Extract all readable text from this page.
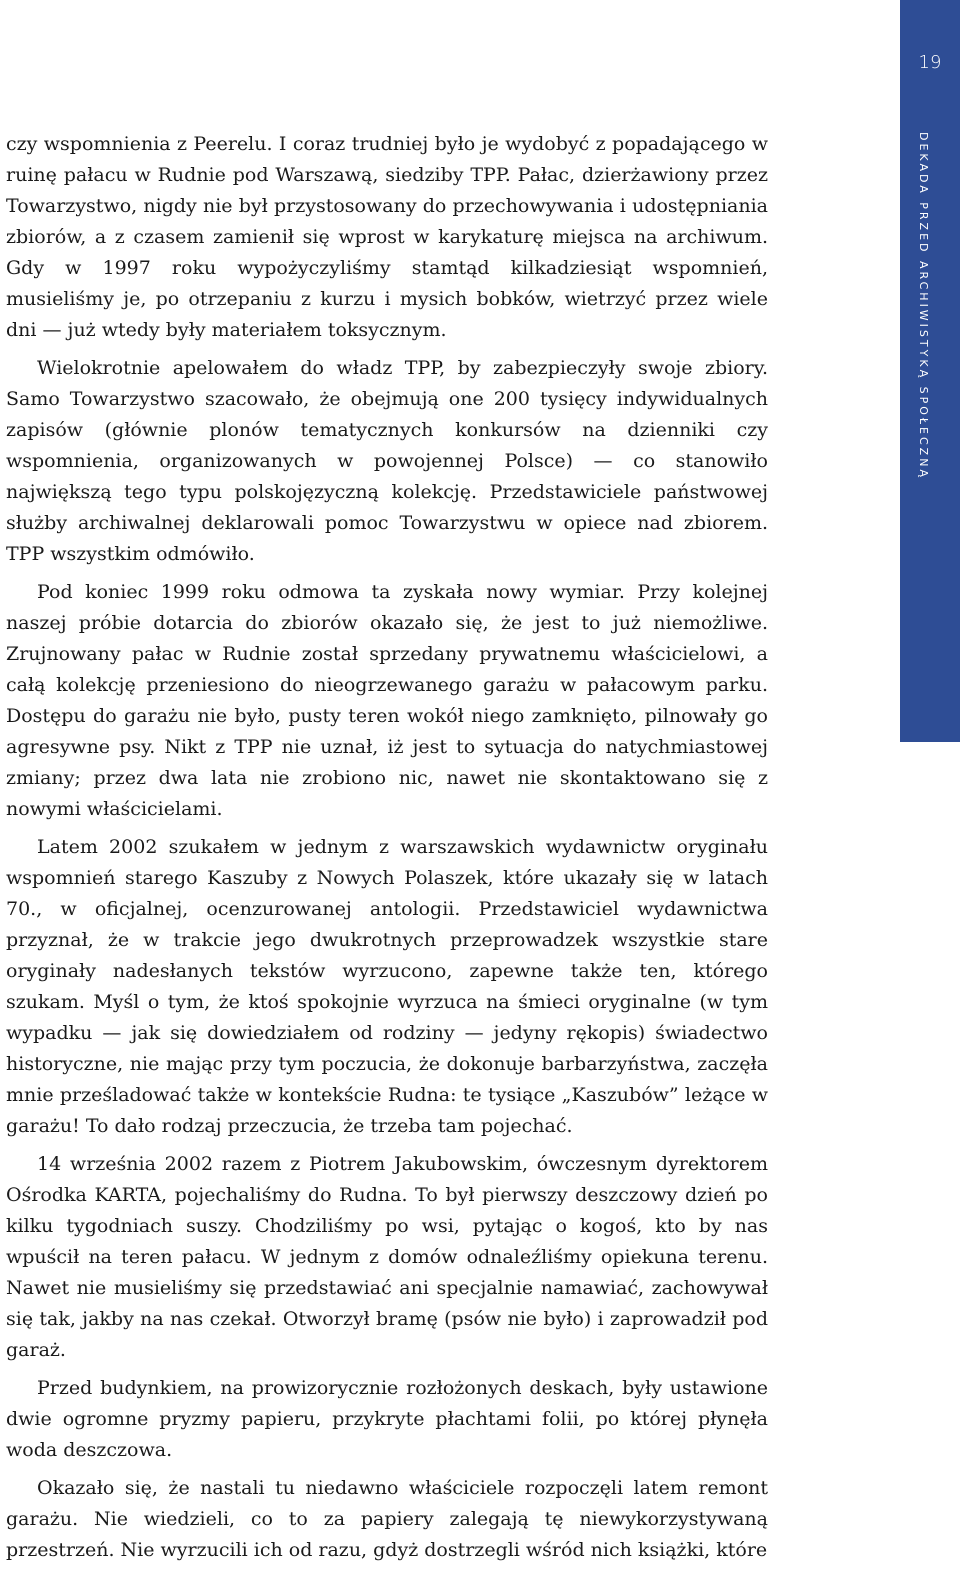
19
DEKADA PRZED ARCHIWISTYKĄ SPOŁECZNĄ

czy wspomnienia z Peerelu. I coraz trudniej było je wydobyć z popadającego w ruinę pałacu w Rudnie pod Warszawą, siedziby TPP. Pałac, dzierżawiony przez Towarzystwo, nigdy nie był przystosowany do przechowywania i udostępniania zbiorów, a z czasem zamienił się wprost w karykaturę miejsca na archiwum. Gdy w 1997 roku wypożyczyliśmy stamtąd kilkadziesiąt wspomnień, musieliśmy je, po otrzepaniu z kurzu i mysich bobków, wietrzyć przez wiele dni — już wtedy były materiałem toksycznym.

Wielokrotnie apelowałem do władz TPP, by zabezpieczyły swoje zbiory. Samo Towarzystwo szacowało, że obejmują one 200 tysięcy indywidualnych zapisów (głównie plonów tematycznych konkursów na dzienniki czy wspomnienia, organizowanych w powojennej Polsce) — co stanowiło największą tego typu polskojęzyczną kolekcję. Przedstawiciele państwowej służby archiwalnej deklarowali pomoc Towarzystwu w opiece nad zbiorem. TPP wszystkim odmówiło.

Pod koniec 1999 roku odmowa ta zyskała nowy wymiar. Przy kolejnej naszej próbie dotarcia do zbiorów okazało się, że jest to już niemożliwe. Zrujnowany pałac w Rudnie został sprzedany prywatnemu właścicielowi, a całą kolekcję przeniesiono do nieogrzewanego garażu w pałacowym parku. Dostępu do garażu nie było, pusty teren wokół niego zamknięto, pilnowały go agresywne psy. Nikt z TPP nie uznał, iż jest to sytuacja do natychmiastowej zmiany; przez dwa lata nie zrobiono nic, nawet nie skontaktowano się z nowymi właścicielami.

Latem 2002 szukałem w jednym z warszawskich wydawnictw oryginału wspomnień starego Kaszuby z Nowych Polaszek, które ukazały się w latach 70., w oficjalnej, ocenzurowanej antologii. Przedstawiciel wydawnictwa przyznał, że w trakcie jego dwukrotnych przeprowadzek wszystkie stare oryginały nadesłanych tekstów wyrzucono, zapewne także ten, którego szukam. Myśl o tym, że ktoś spokojnie wyrzuca na śmieci oryginalne (w tym wypadku — jak się dowiedziałem od rodziny — jedyny rękopis) świadectwo historyczne, nie mając przy tym poczucia, że dokonuje barbarzyństwa, zaczęła mnie prześladować także w kontekście Rudna: te tysiące „Kaszubów” leżące w garażu! To dało rodzaj przeczucia, że trzeba tam pojechać.

14 września 2002 razem z Piotrem Jakubowskim, ówczesnym dyrektorem Ośrodka KARTA, pojechaliśmy do Rudna. To był pierwszy deszczowy dzień po kilku tygodniach suszy. Chodziliśmy po wsi, pytając o kogoś, kto by nas wpuścił na teren pałacu. W jednym z domów odnaleźliśmy opiekuna terenu. Nawet nie musieliśmy się przedstawiać ani specjalnie namawiać, zachowywał się tak, jakby na nas czekał. Otworzył bramę (psów nie było) i zaprowadził pod garaż.

Przed budynkiem, na prowizorycznie rozłożonych deskach, były ustawione dwie ogromne pryzmy papieru, przykryte płachtami folii, po której płynęła woda deszczowa.

Okazało się, że nastali tu niedawno właściciele rozpoczęli latem remont garażu. Nie wiedzieli, co to za papiery zalegają tę niewykorzystywaną przestrzeń. Nie wyrzucili ich od razu, gdyż dostrzegli wśród nich książki, które
